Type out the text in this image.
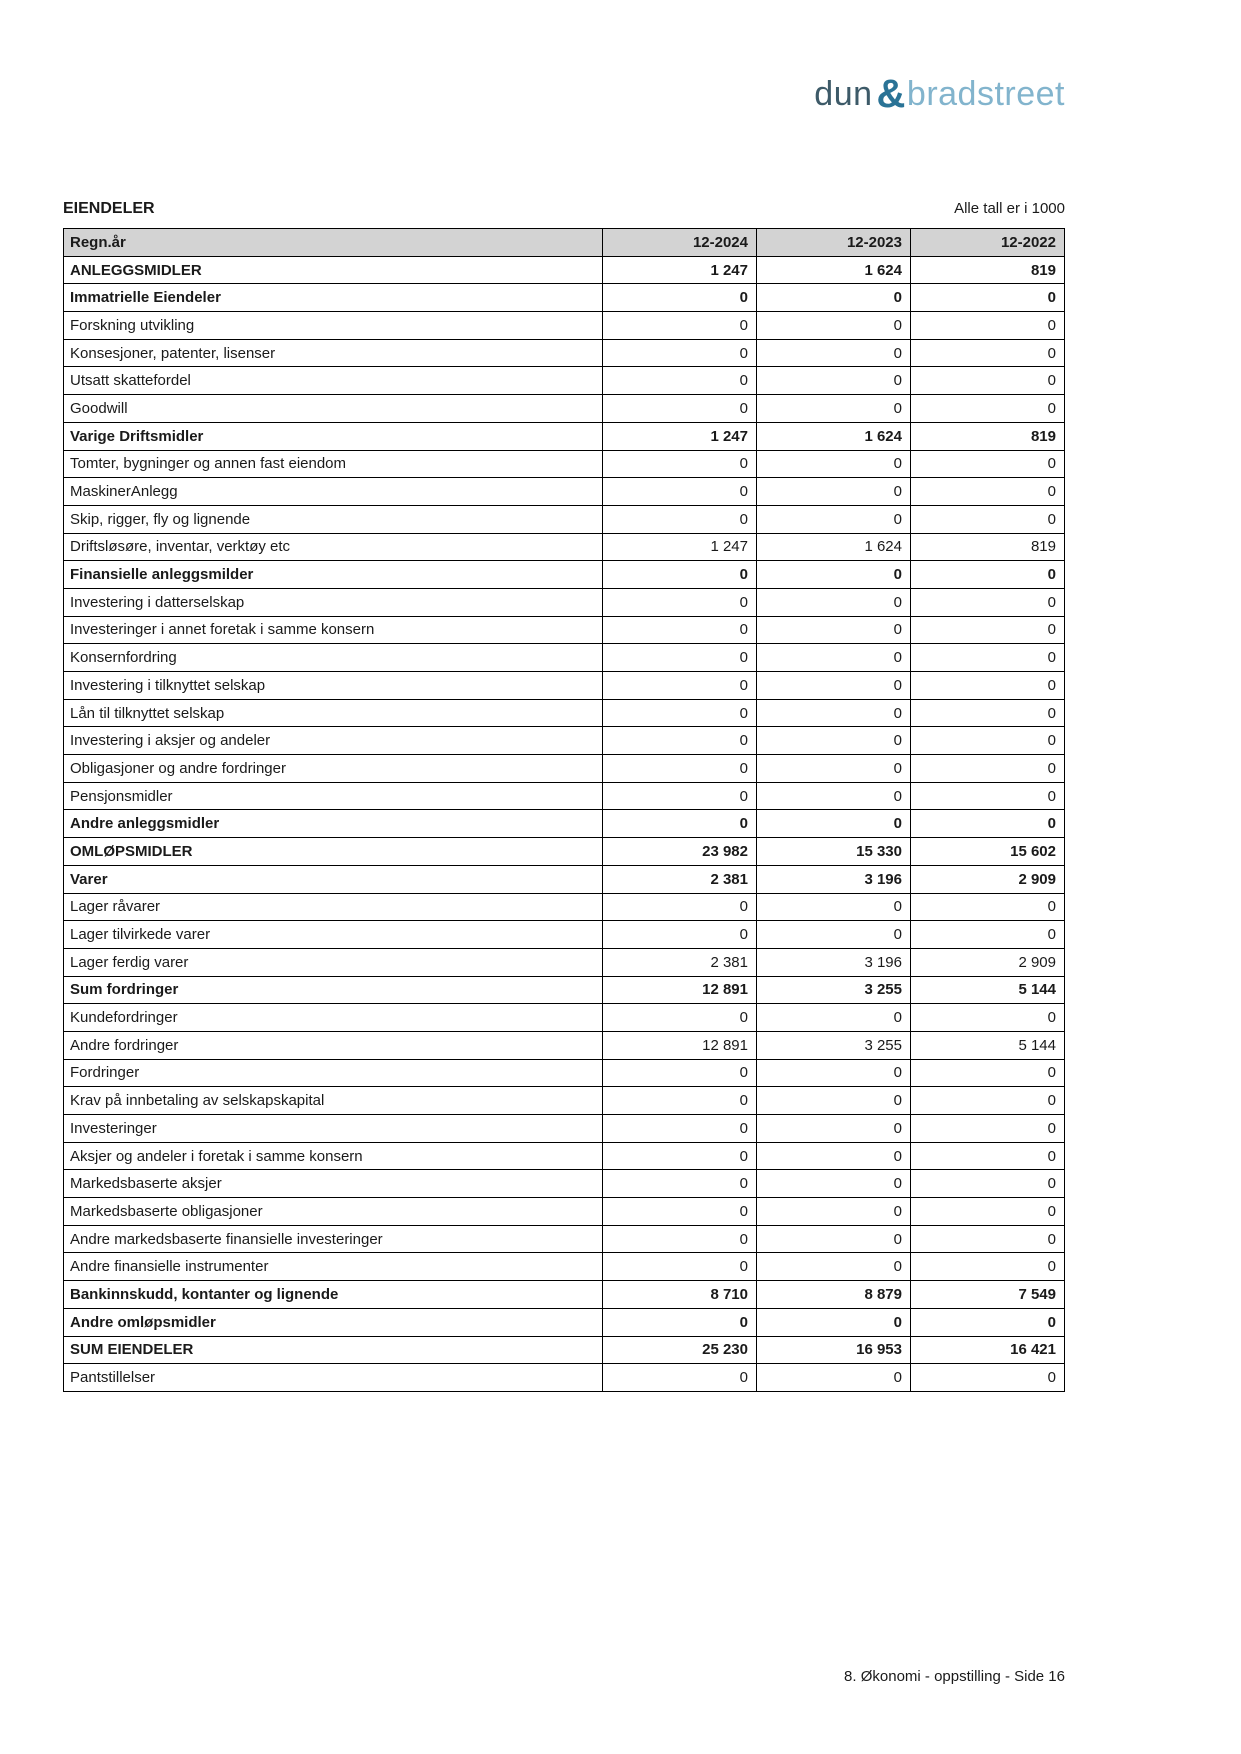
dun &bradstreet
EIENDELER	Alle tall er i 1000
Regn.år	12-2024	12-2023	12-2022
ANLEGGSMIDLER	1 247	1 624	819
Immatrielle Eiendeler	0	0	0
Forskning utvikling	0	0	0
Konsesjoner, patenter, lisenser	0	0	0
Utsatt skattefordel	0	0	0
Goodwill	0	0	0
Varige Driftsmidler	1 247	1 624	819
Tomter, bygninger og annen fast eiendom	0	0	0
MaskinerAnlegg	0	0	0
Skip, rigger, fly og lignende	0	0	0
Driftsløsøre, inventar, verktøy etc	1 247	1 624	819
Finansielle anleggsmilder	0	0	0
Investering i datterselskap	0	0	0
Investeringer i annet foretak i samme konsern	0	0	0
Konsernfordring	0	0	0
Investering i tilknyttet selskap	0	0	0
Lån til tilknyttet selskap	0	0	0
Investering i aksjer og andeler	0	0	0
Obligasjoner og andre fordringer	0	0	0
Pensjonsmidler	0	0	0
Andre anleggsmidler	0	0	0
OMLØPSMIDLER	23 982	15 330	15 602
Varer	2 381	3 196	2 909
Lager råvarer	0	0	0
Lager tilvirkede varer	0	0	0
Lager ferdig varer	2 381	3 196	2 909
Sum fordringer	12 891	3 255	5 144
Kundefordringer	0	0	0
Andre fordringer	12 891	3 255	5 144
Fordringer	0	0	0
Krav på innbetaling av selskapskapital	0	0	0
Investeringer	0	0	0
Aksjer og andeler i foretak i samme konsern	0	0	0
Markedsbaserte aksjer	0	0	0
Markedsbaserte obligasjoner	0	0	0
Andre markedsbaserte finansielle investeringer	0	0	0
Andre finansielle instrumenter	0	0	0
Bankinnskudd, kontanter og lignende	8 710	8 879	7 549
Andre omløpsmidler	0	0	0
SUM EIENDELER	25 230	16 953	16 421
Pantstillelser	0	0	0
8. Økonomi - oppstilling - Side 16
